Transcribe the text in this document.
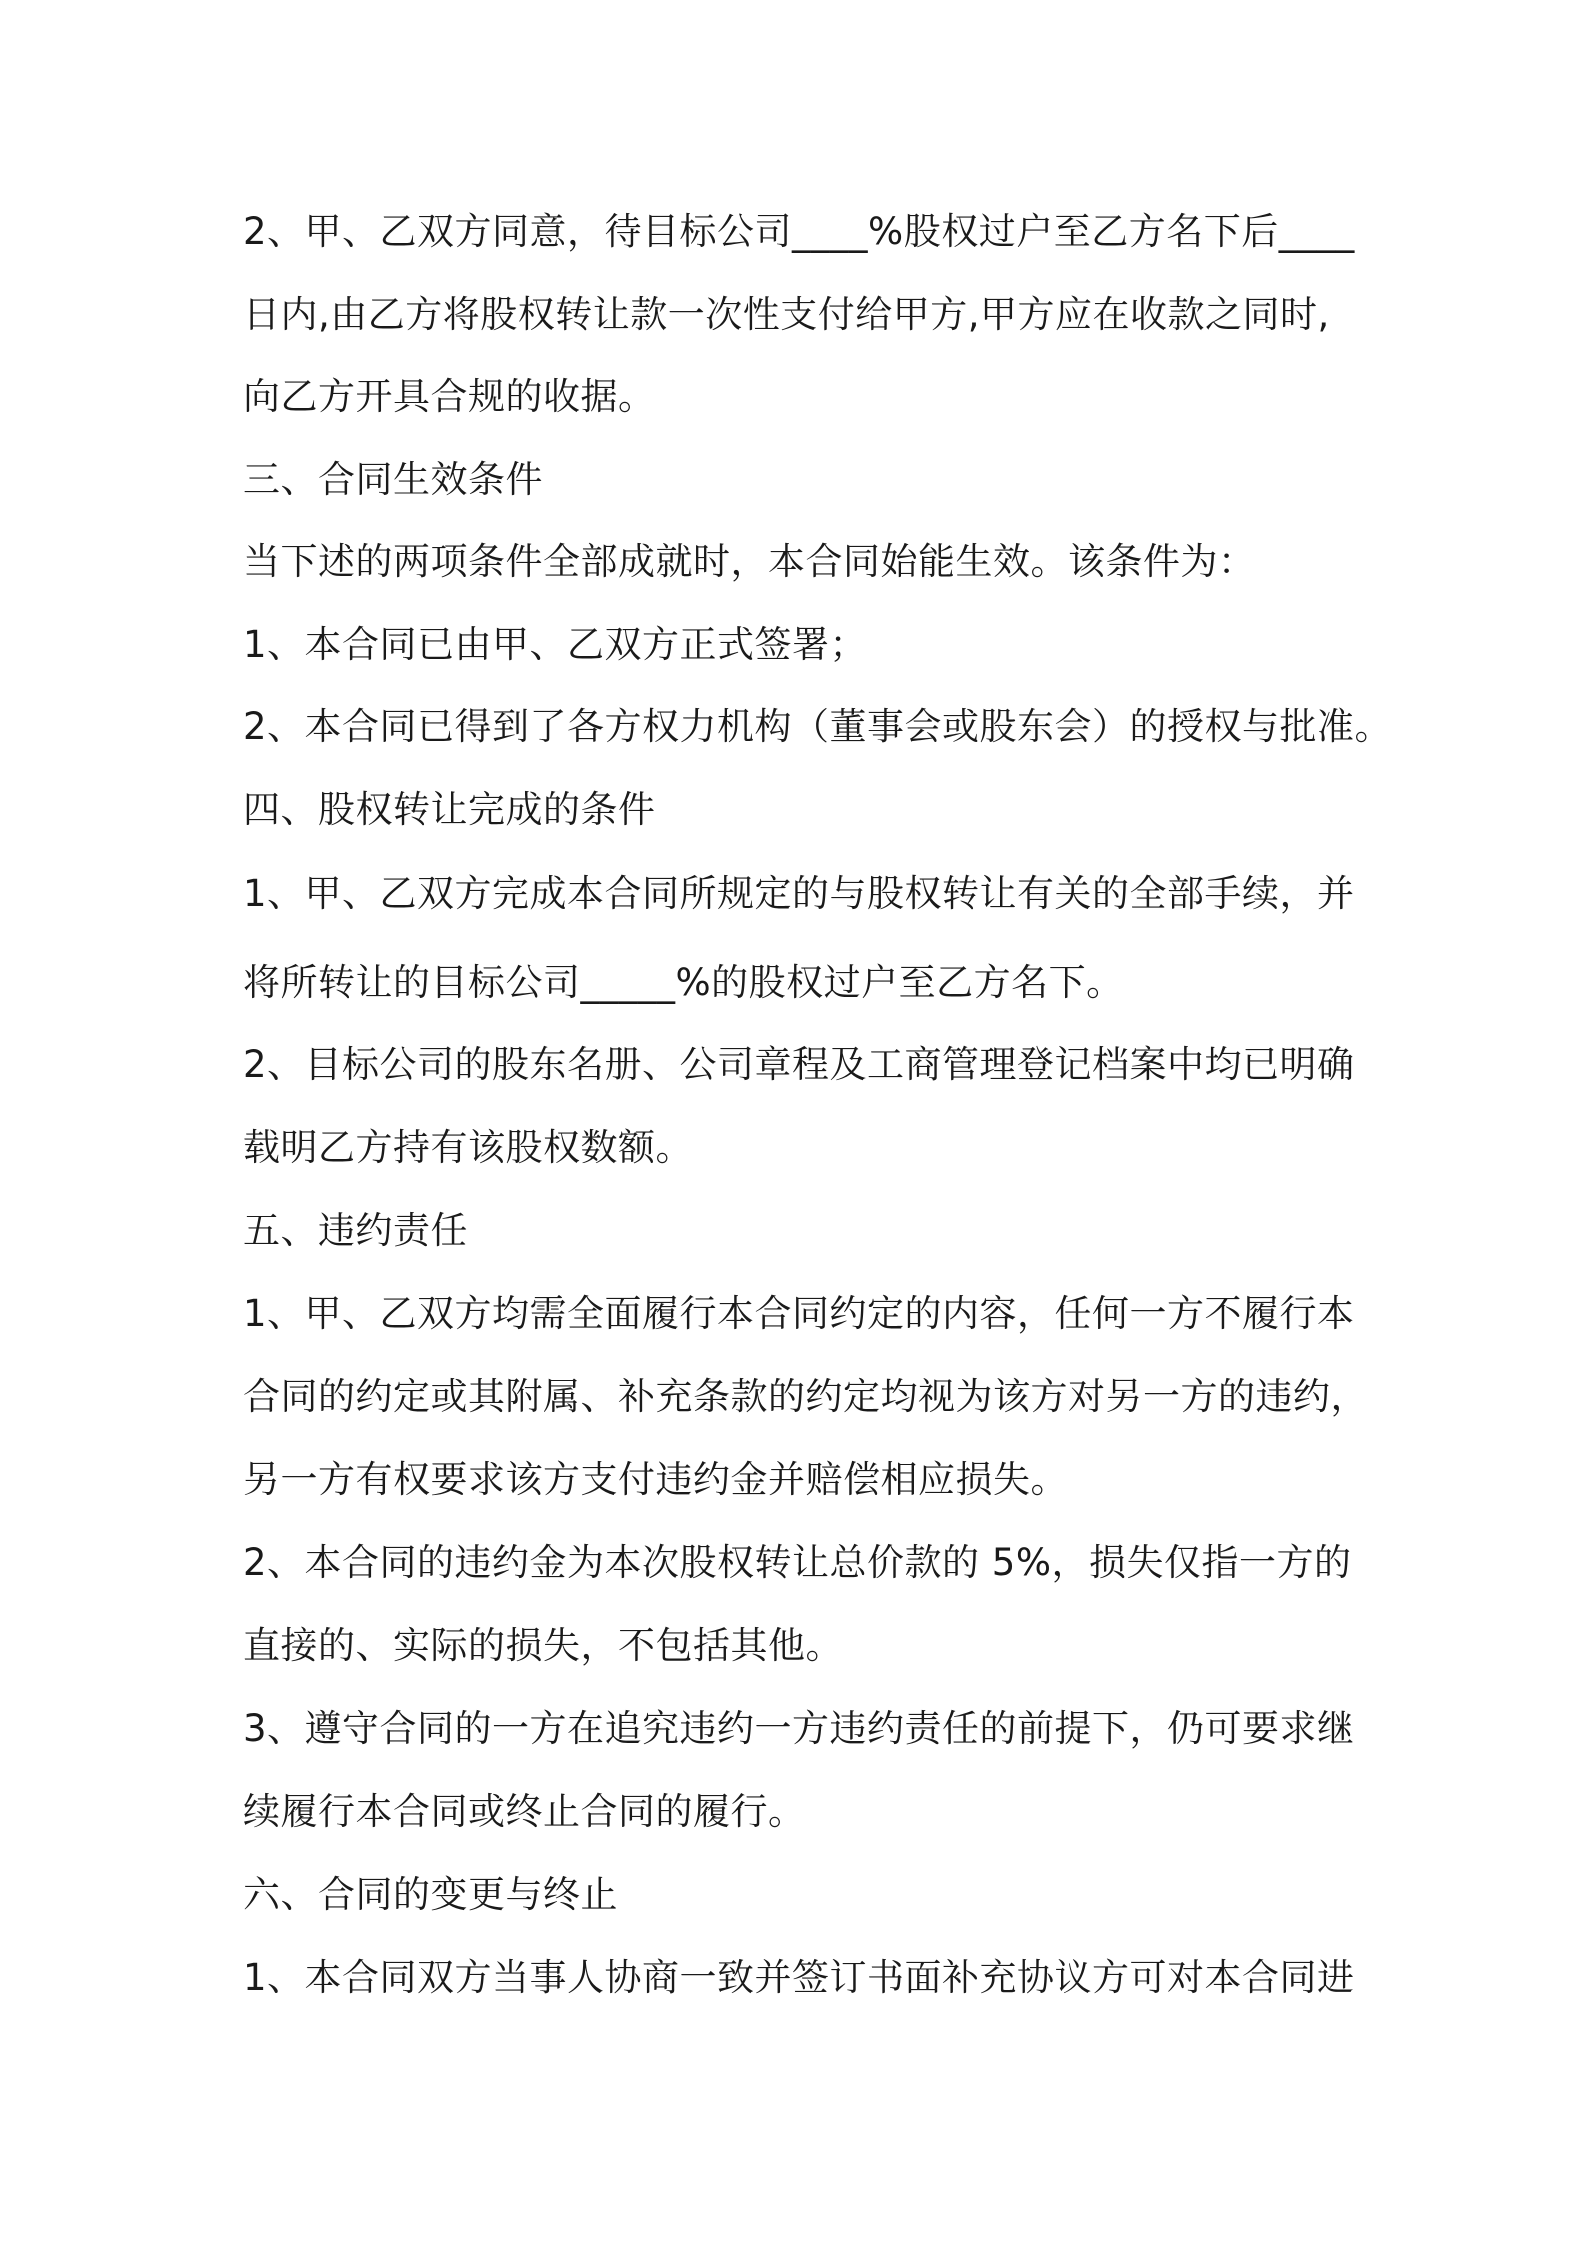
2、甲、乙双方同意，待目标公司____%股权过户至乙方名下后____

日内,由乙方将股权转让款一次性支付给甲方,甲方应在收款之同时,

向乙方开具合规的收据。

三、合同生效条件

当下述的两项条件全部成就时，本合同始能生效。该条件为：

1、本合同已由甲、乙双方正式签署；

2、本合同已得到了各方权力机构（董事会或股东会）的授权与批准。

四、股权转让完成的条件

1、甲、乙双方完成本合同所规定的与股权转让有关的全部手续，并

将所转让的目标公司_____%的股权过户至乙方名下。

2、目标公司的股东名册、公司章程及工商管理登记档案中均已明确

载明乙方持有该股权数额。

五、违约责任

1、甲、乙双方均需全面履行本合同约定的内容，任何一方不履行本

合同的约定或其附属、补充条款的约定均视为该方对另一方的违约，

另一方有权要求该方支付违约金并赔偿相应损失。

2、本合同的违约金为本次股权转让总价款的 5%，损失仅指一方的

直接的、实际的损失，不包括其他。

3、遵守合同的一方在追究违约一方违约责任的前提下，仍可要求继

续履行本合同或终止合同的履行。

六、合同的变更与终止

1、本合同双方当事人协商一致并签订书面补充协议方可对本合同进
